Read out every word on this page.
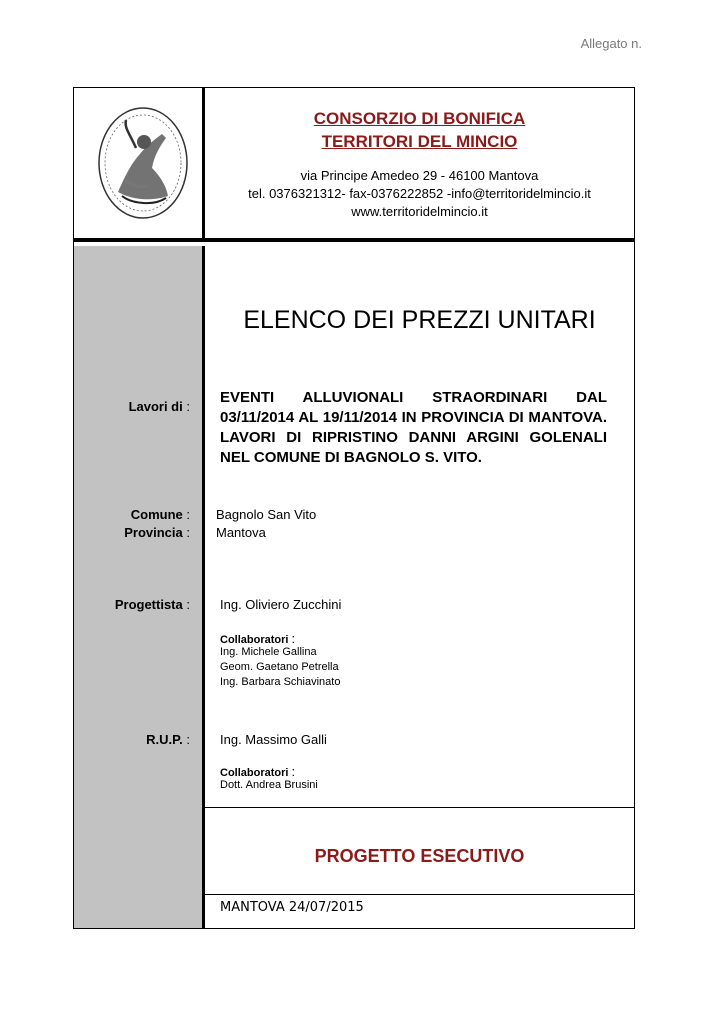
Allegato n.
CONSORZIO DI BONIFICA
TERRITORI DEL MINCIO
via Principe Amedeo 29 - 46100 Mantova
tel. 0376321312- fax-0376222852 -info@territoridelmincio.it
www.territoridelmincio.it
ELENCO DEI PREZZI UNITARI
Lavori di :
EVENTI ALLUVIONALI STRAORDINARI DAL 03/11/2014 AL 19/11/2014 IN PROVINCIA DI MANTOVA. LAVORI DI RIPRISTINO DANNI ARGINI GOLENALI NEL COMUNE DI BAGNOLO S. VITO.
Comune : Bagnolo San Vito
Provincia : Mantova
Progettista : Ing. Oliviero Zucchini
Collaboratori :
Ing. Michele Gallina
Geom. Gaetano Petrella
Ing. Barbara Schiavinato
R.U.P. : Ing. Massimo Galli
Collaboratori :
Dott. Andrea Brusini
PROGETTO ESECUTIVO
MANTOVA 24/07/2015
